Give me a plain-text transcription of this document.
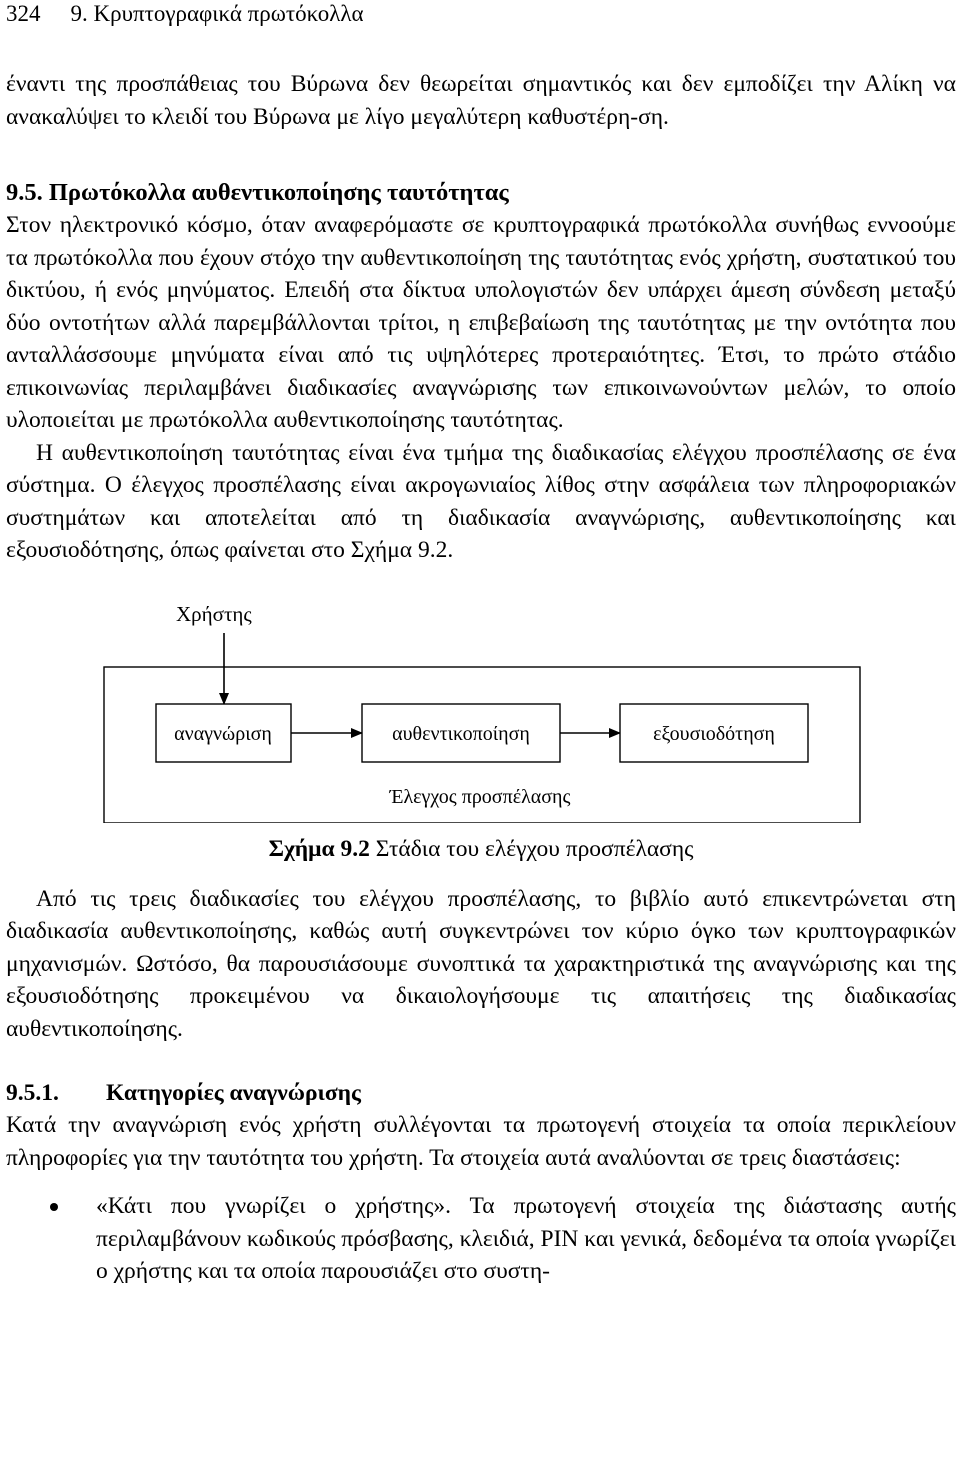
324 9. Κρυπτογραφικά πρωτόκολλα

έναντι της προσπάθειας του Βύρωνα δεν θεωρείται σημαντικός και δεν εμποδίζει την Αλίκη να ανακαλύψει το κλειδί του Βύρωνα με λίγο μεγαλύτερη καθυστέρη-ση.

9.5. Πρωτόκολλα αυθεντικοποίησης ταυτότητας

Στον ηλεκτρονικό κόσμο, όταν αναφερόμαστε σε κρυπτογραφικά πρωτόκολλα συνήθως εννοούμε τα πρωτόκολλα που έχουν στόχο την αυθεντικοποίηση της ταυτότητας ενός χρήστη, συστατικού του δικτύου, ή ενός μηνύματος. Επειδή στα δίκτυα υπολογιστών δεν υπάρχει άμεση σύνδεση μεταξύ δύο οντοτήτων αλλά παρεμβάλλονται τρίτοι, η επιβεβαίωση της ταυτότητας με την οντότητα που ανταλλάσσουμε μηνύματα είναι από τις υψηλότερες προτεραιότητες. Έτσι, το πρώτο στάδιο επικοινωνίας περιλαμβάνει διαδικασίες αναγνώρισης των επικοινωνούντων μελών, το οποίο υλοποιείται με πρωτόκολλα αυθεντικοποίησης ταυτότητας.

Η αυθεντικοποίηση ταυτότητας είναι ένα τμήμα της διαδικασίας ελέγχου προσπέλασης σε ένα σύστημα. Ο έλεγχος προσπέλασης είναι ακρογωνιαίος λίθος στην ασφάλεια των πληροφοριακών συστημάτων και αποτελείται από τη διαδικασία αναγνώρισης, αυθεντικοποίησης και εξουσιοδότησης, όπως φαίνεται στο Σχήμα 9.2.

Χρήστης
αναγνώριση	αυθεντικοποίηση	εξουσιοδότηση
Έλεγχος προσπέλασης
Σχήμα 9.2 Στάδια του ελέγχου προσπέλασης

Από τις τρεις διαδικασίες του ελέγχου προσπέλασης, το βιβλίο αυτό επικεντρώνεται στη διαδικασία αυθεντικοποίησης, καθώς αυτή συγκεντρώνει τον κύριο όγκο των κρυπτογραφικών μηχανισμών. Ωστόσο, θα παρουσιάσουμε συνοπτικά τα χαρακτηριστικά της αναγνώρισης και της εξουσιοδότησης προκειμένου να δικαιολογήσουμε τις απαιτήσεις της διαδικασίας αυθεντικοποίησης.

9.5.1. Κατηγορίες αναγνώρισης

Κατά την αναγνώριση ενός χρήστη συλλέγονται τα πρωτογενή στοιχεία τα οποία περικλείουν πληροφορίες για την ταυτότητα του χρήστη. Τα στοιχεία αυτά αναλύονται σε τρεις διαστάσεις:

«Κάτι που γνωρίζει ο χρήστης». Τα πρωτογενή στοιχεία της διάστασης αυτής περιλαμβάνουν κωδικούς πρόσβασης, κλειδιά, PIN και γενικά, δεδομένα τα οποία γνωρίζει ο χρήστης και τα οποία παρουσιάζει στο συστη-
